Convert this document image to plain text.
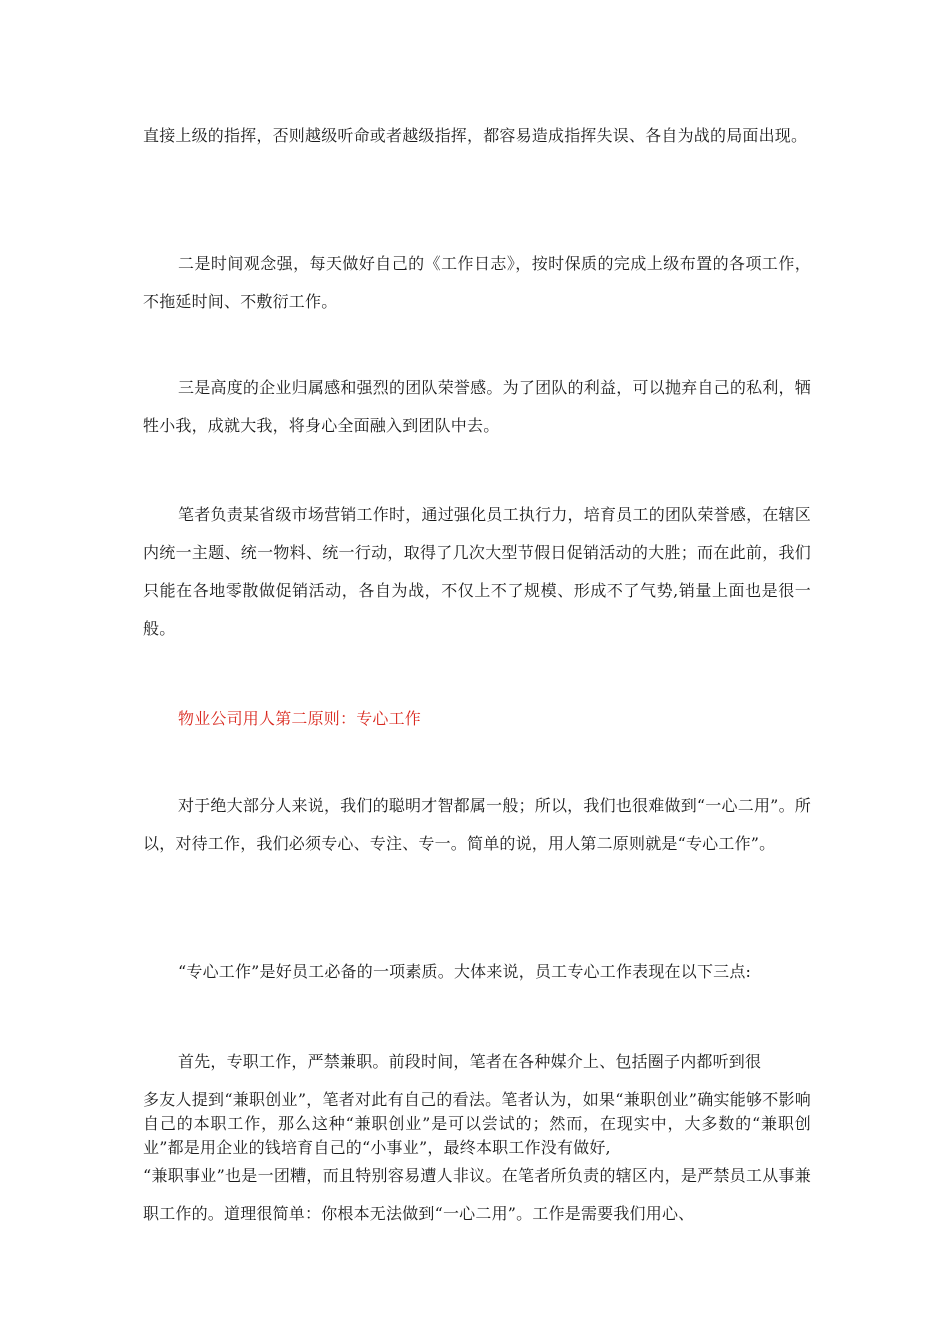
直接上级的指挥，否则越级听命或者越级指挥，都容易造成指挥失误、各自为战的局面出现。

二是时间观念强，每天做好自己的《工作日志》，按时保质的完成上级布置的各项工作，不拖延时间、不敷衍工作。

三是高度的企业归属感和强烈的团队荣誉感。为了团队的利益，可以抛弃自己的私利，牺牲小我，成就大我，将身心全面融入到团队中去。

笔者负责某省级市场营销工作时，通过强化员工执行力，培育员工的团队荣誉感，在辖区内统一主题、统一物料、统一行动，取得了几次大型节假日促销活动的大胜；而在此前，我们只能在各地零散做促销活动，各自为战，不仅上不了规模、形成不了气势,销量上面也是很一般。

物业公司用人第二原则：专心工作

对于绝大部分人来说，我们的聪明才智都属一般；所以，我们也很难做到“一心二用”。所以，对待工作，我们必须专心、专注、专一。简单的说，用人第二原则就是“专心工作”。

“专心工作”是好员工必备的一项素质。大体来说，员工专心工作表现在以下三点:

首先，专职工作，严禁兼职。前段时间，笔者在各种媒介上、包括圈子内都听到很

多友人提到“兼职创业”，笔者对此有自己的看法。笔者认为，如果“兼职创业”确实能够不影响自己的本职工作，那么这种“兼职创业”是可以尝试的；然而，在现实中，大多数的“兼职创业”都是用企业的钱培育自己的“小事业”，最终本职工作没有做好,

“兼职事业”也是一团糟，而且特别容易遭人非议。在笔者所负责的辖区内，是严禁员工从事兼职工作的。道理很简单：你根本无法做到“一心二用”。工作是需要我们用心、
